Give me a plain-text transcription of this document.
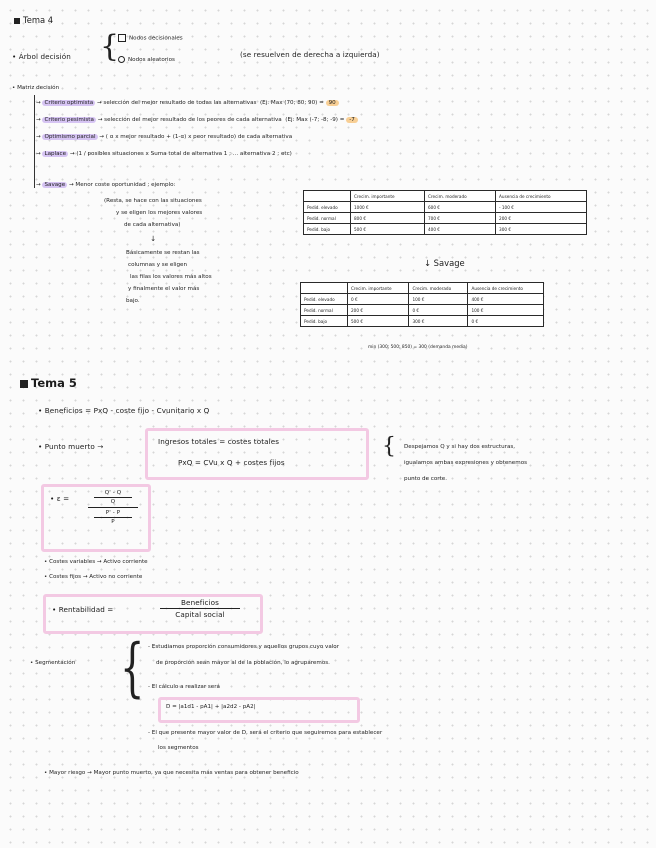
Tema 4
• Árbol decisión {	Nodos decisionales
Nodos aleatorios
(se resuelven de derecha a izquierda)
• Matriz decisión
→ Criterio optimista → selección del mejor resultado de todas las alternativas (Ej: Max (70; 80; 90) = 90
→ Criterio pesimista → selección del mejor resultado de los peores de cada alternativa (Ej: Max (-7; -8; -9) = -7
→ Optimismo parcial → ( α x mejor resultado + (1-α) x peor resultado) de cada alternativa
→ Laplace → (1 / posibles situaciones x Suma total de alternativa 1 ; ... alternativa 2 ; etc)
→ Savage → Menor coste oportunidad ; ejemplo:
(Resta, se hace con las situaciones
y se eligen los mejores valores
de cada alternativa)
↓
Básicamente se restan las
columnas y se eligen
las filas los valores más altos
y finalmente el valor más
bajo.
	Crecim. importante	Crecim. moderado	Ausencia de crecimiento
Pedid. elevado	1000 €	600 €	- 100 €
Pedid. normal	800 €	700 €	200 €
Pedid. bajo	500 €	400 €	300 €
↓ Savage
	Crecim. importante	Crecim. moderado	Ausencia de crecimiento
Pedid. elevado	0 €	100 €	400 €
Pedid. normal	200 €	0 €	100 €
Pedid. bajo	500 €	300 €	0 €
min (300; 500; 850) = 300 (demanda media)
Tema 5
• Beneficios = PxQ - coste fijo - Cvunitario x Q
• Punto muerto →
Ingresos totales = costes totales
PxQ = CVu x Q + costes fijos
{ Despejamos Q y si hay dos estructuras,
igualamos ambas expresiones y obtenemos
punto de corte.
• ε =
Q' - Q
Q
P' - P
P
• Costes variables → Activo corriente
• Costes fijos → Activo no corriente
• Rentabilidad =
Beneficios
Capital social
• Segmentación { - Estudiamos proporción consumidores y aquellos grupos cuyo valor
de proporción sean mayor al de la población, lo agruparemos.
- El cálculo a realizar será
D = |a1d1 - pA1| + |a2d2 - pA2|
- El que presente mayor valor de D, será el criterio que seguiremos para establecer
los segmentos
• Mayor riesgo → Mayor punto muerto, ya que necesita más ventas para obtener beneficio
